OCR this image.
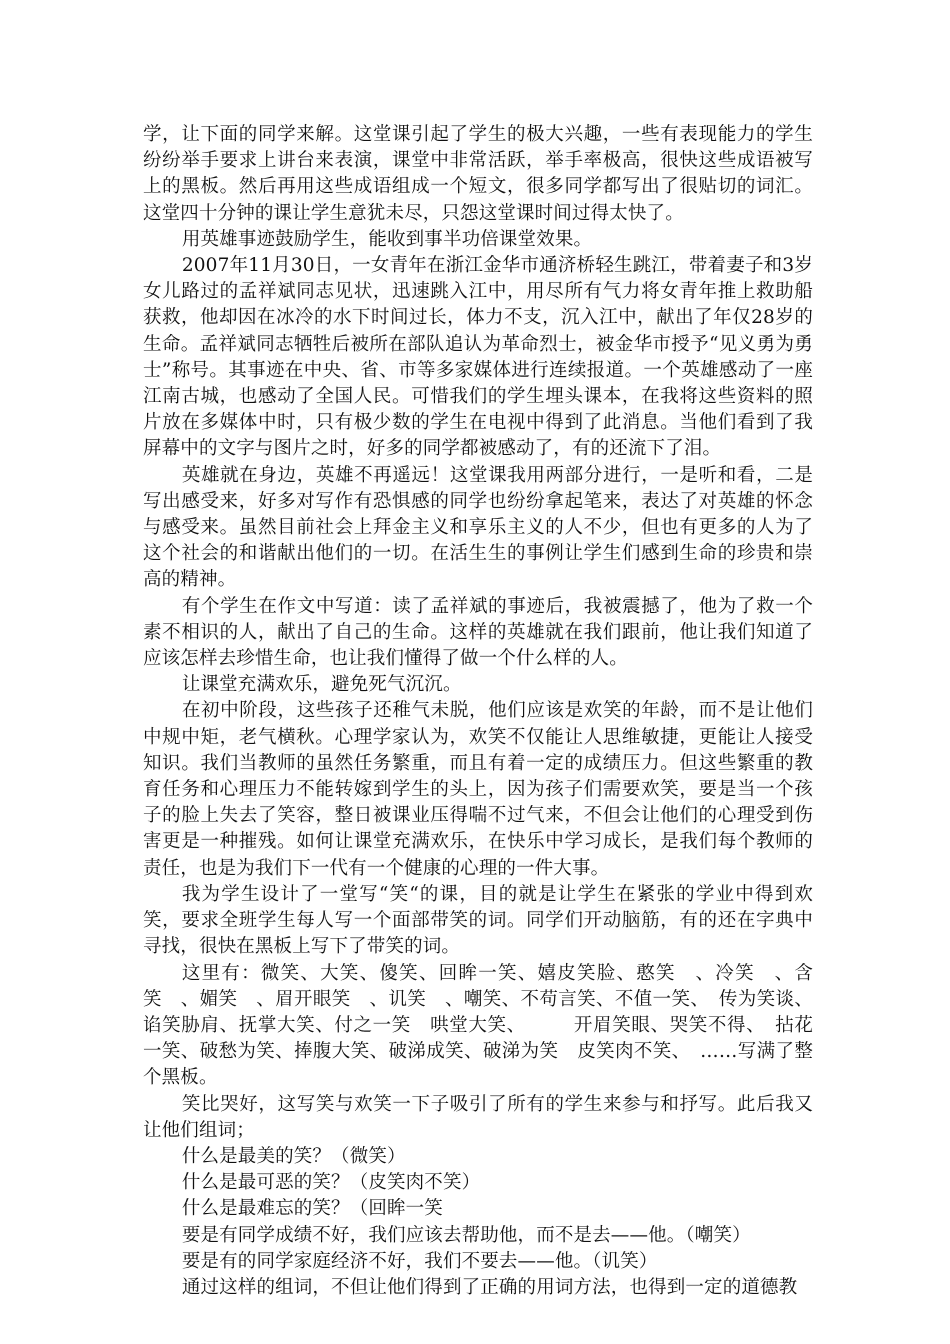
学，让下面的同学来解。这堂课引起了学生的极大兴趣，一些有表现能力的学生纷纷举手要求上讲台来表演，课堂中非常活跃，举手率极高，很快这些成语被写上的黑板。然后再用这些成语组成一个短文，很多同学都写出了很贴切的词汇。这堂四十分钟的课让学生意犹未尽，只怨这堂课时间过得太快了。

用英雄事迹鼓励学生，能收到事半功倍课堂效果。

2007年11月30日，一女青年在浙江金华市通济桥轻生跳江，带着妻子和3岁女儿路过的孟祥斌同志见状，迅速跳入江中，用尽所有气力将女青年推上救助船获救，他却因在冰冷的水下时间过长，体力不支，沉入江中，献出了年仅28岁的生命。孟祥斌同志牺牲后被所在部队追认为革命烈士，被金华市授予“见义勇为勇士”称号。其事迹在中央、省、市等多家媒体进行连续报道。一个英雄感动了一座江南古城，也感动了全国人民。可惜我们的学生埋头课本，在我将这些资料的照片放在多媒体中时，只有极少数的学生在电视中得到了此消息。当他们看到了我屏幕中的文字与图片之时，好多的同学都被感动了，有的还流下了泪。

英雄就在身边，英雄不再遥远！这堂课我用两部分进行，一是听和看，二是写出感受来，好多对写作有恐惧感的同学也纷纷拿起笔来，表达了对英雄的怀念与感受来。虽然目前社会上拜金主义和享乐主义的人不少，但也有更多的人为了这个社会的和谐献出他们的一切。在活生生的事例让学生们感到生命的珍贵和崇高的精神。

有个学生在作文中写道：读了孟祥斌的事迹后，我被震撼了，他为了救一个素不相识的人，献出了自己的生命。这样的英雄就在我们跟前，他让我们知道了应该怎样去珍惜生命，也让我们懂得了做一个什么样的人。

让课堂充满欢乐，避免死气沉沉。

在初中阶段，这些孩子还稚气未脱，他们应该是欢笑的年龄，而不是让他们中规中矩，老气横秋。心理学家认为，欢笑不仅能让人思维敏捷，更能让人接受知识。我们当教师的虽然任务繁重，而且有着一定的成绩压力。但这些繁重的教育任务和心理压力不能转嫁到学生的头上，因为孩子们需要欢笑，要是当一个孩子的脸上失去了笑容，整日被课业压得喘不过气来，不但会让他们的心理受到伤害更是一种摧残。如何让课堂充满欢乐，在快乐中学习成长，是我们每个教师的责任，也是为我们下一代有一个健康的心理的一件大事。

我为学生设计了一堂写“笑“的课，目的就是让学生在紧张的学业中得到欢笑，要求全班学生每人写一个面部带笑的词。同学们开动脑筋，有的还在字典中寻找，很快在黑板上写下了带笑的词。

这里有：微笑、大笑、傻笑、回眸一笑、嬉皮笑脸、憨笑　、冷笑　、含笑　、媚笑　、眉开眼笑　、讥笑　、嘲笑、不苟言笑、不值一笑、　传为笑谈、谄笑胁肩、抚掌大笑、付之一笑　哄堂大笑、　　　开眉笑眼、哭笑不得、　拈花一笑、破愁为笑、捧腹大笑、破涕成笑、破涕为笑　皮笑肉不笑、　……写满了整个黑板。

笑比哭好，这写笑与欢笑一下子吸引了所有的学生来参与和抒写。此后我又让他们组词；

什么是最美的笑？（微笑）

什么是最可恶的笑？（皮笑肉不笑）

什么是最难忘的笑？（回眸一笑

要是有同学成绩不好，我们应该去帮助他，而不是去——他。（嘲笑）

要是有的同学家庭经济不好，我们不要去——他。（讥笑）

通过这样的组词，不但让他们得到了正确的用词方法，也得到一定的道德教
